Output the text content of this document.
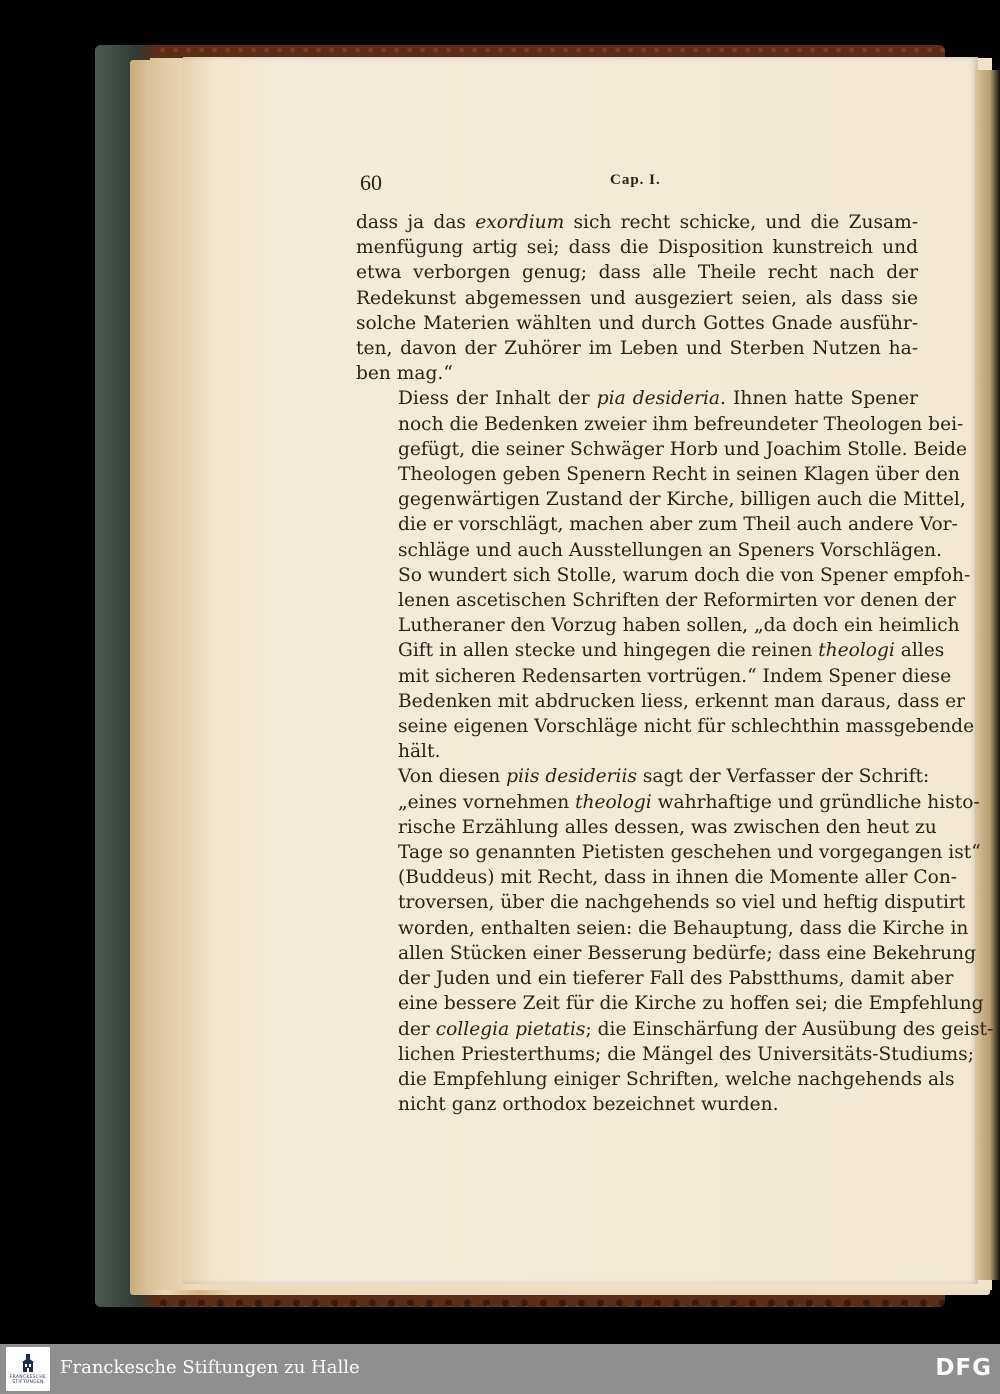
60	Cap. I.

dass ja das exordium sich recht schicke, und die Zusam-
menfügung artig sei; dass die Disposition kunstreich und
etwa verborgen genug; dass alle Theile recht nach der
Redekunst abgemessen und ausgeziert seien, als dass sie
solche Materien wählten und durch Gottes Gnade ausführ-
ten, davon der Zuhörer im Leben und Sterben Nutzen ha-
ben mag.“

Diess der Inhalt der pia desideria. Ihnen hatte Spener
noch die Bedenken zweier ihm befreundeter Theologen bei-
gefügt, die seiner Schwäger Horb und Joachim Stolle. Beide
Theologen geben Spenern Recht in seinen Klagen über den
gegenwärtigen Zustand der Kirche, billigen auch die Mittel,
die er vorschlägt, machen aber zum Theil auch andere Vor-
schläge und auch Ausstellungen an Speners Vorschlägen.
So wundert sich Stolle, warum doch die von Spener empfoh-
lenen ascetischen Schriften der Reformirten vor denen der
Lutheraner den Vorzug haben sollen, „da doch ein heimlich
Gift in allen stecke und hingegen die reinen theologi alles
mit sicheren Redensarten vortrügen.“ Indem Spener diese
Bedenken mit abdrucken liess, erkennt man daraus, dass er
seine eigenen Vorschläge nicht für schlechthin massgebende
hält.

Von diesen piis desideriis sagt der Verfasser der Schrift:
„eines vornehmen theologi wahrhaftige und gründliche histo-
rische Erzählung alles dessen, was zwischen den heut zu
Tage so genannten Pietisten geschehen und vorgegangen ist“
(Buddeus) mit Recht, dass in ihnen die Momente aller Con-
troversen, über die nachgehends so viel und heftig disputirt
worden, enthalten seien: die Behauptung, dass die Kirche in
allen Stücken einer Besserung bedürfe; dass eine Bekehrung
der Juden und ein tieferer Fall des Pabstthums, damit aber
eine bessere Zeit für die Kirche zu hoffen sei; die Empfehlung
der collegia pietatis; die Einschärfung der Ausübung des geist-
lichen Priesterthums; die Mängel des Universitäts-Studiums;
die Empfehlung einiger Schriften, welche nachgehends als
nicht ganz orthodox bezeichnet wurden.

FRANCKESCHE
STIFTUNGEN
Franckesche Stiftungen zu Halle	DFG
